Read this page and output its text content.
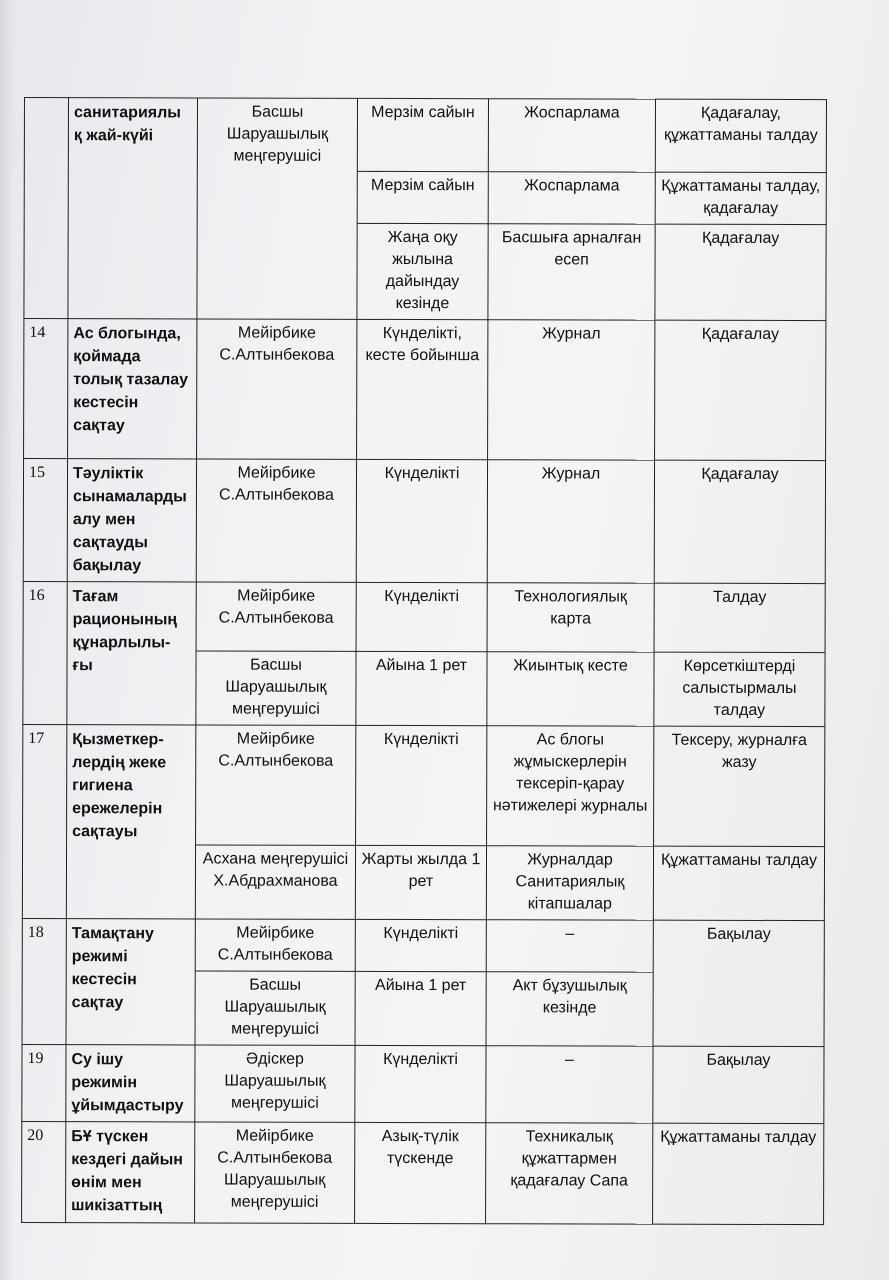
	санитариялы қ жай-күйі	Басшы Шаруашылық меңгерушісі	Мерзім сайын	Жоспарлама	Қадағалау, құжаттаманы талдау
			Мерзім сайын	Жоспарлама	Құжаттаманы талдау, қадағалау
			Жаңа оқу жылына дайындау кезінде	Басшыға арналған есеп	Қадағалау
14	Ас блогында, қоймада толық тазалау кестесін сақтау	Мейірбике С.Алтынбекова	Күнделікті, кесте бойынша	Журнал	Қадағалау
15	Тәуліктік сынамаларды алу мен сақтауды бақылау	Мейірбике С.Алтынбекова	Күнделікті	Журнал	Қадағалау
16	Тағам рационының құнарлылы-ғы	Мейірбике С.Алтынбекова	Күнделікті	Технологиялық карта	Талдау
		Басшы Шаруашылық меңгерушісі	Айына 1 рет	Жиынтық кесте	Көрсеткіштерді салыстырмалы талдау
17	Қызметкер-лердің жеке гигиена ережелерін сақтауы	Мейірбике С.Алтынбекова	Күнделікті	Ас блогы жұмыскерлерін тексеріп-қарау нәтижелері журналы	Тексеру, журналға жазу
		Асхана меңгерушісі Х.Абдрахманова	Жарты жылда 1 рет	Журналдар Санитариялық кітапшалар	Құжаттаманы талдау
18	Тамақтану режимі кестесін сақтау	Мейірбике С.Алтынбекова	Күнделікті	–	Бақылау
		Басшы Шаруашылық меңгерушісі	Айына 1 рет	Акт бұзушылық кезінде	
19	Су ішу режимін ұйымдастыру	Әдіскер Шаруашылық меңгерушісі	Күнделікті	–	Бақылау
20	БҰ түскен кездегі дайын өнім мен шикізаттың	Мейірбике С.Алтынбекова Шаруашылық меңгерушісі	Азық-түлік түскенде	Техникалық құжаттармен қадағалау Сапа	Құжаттаманы талдау
